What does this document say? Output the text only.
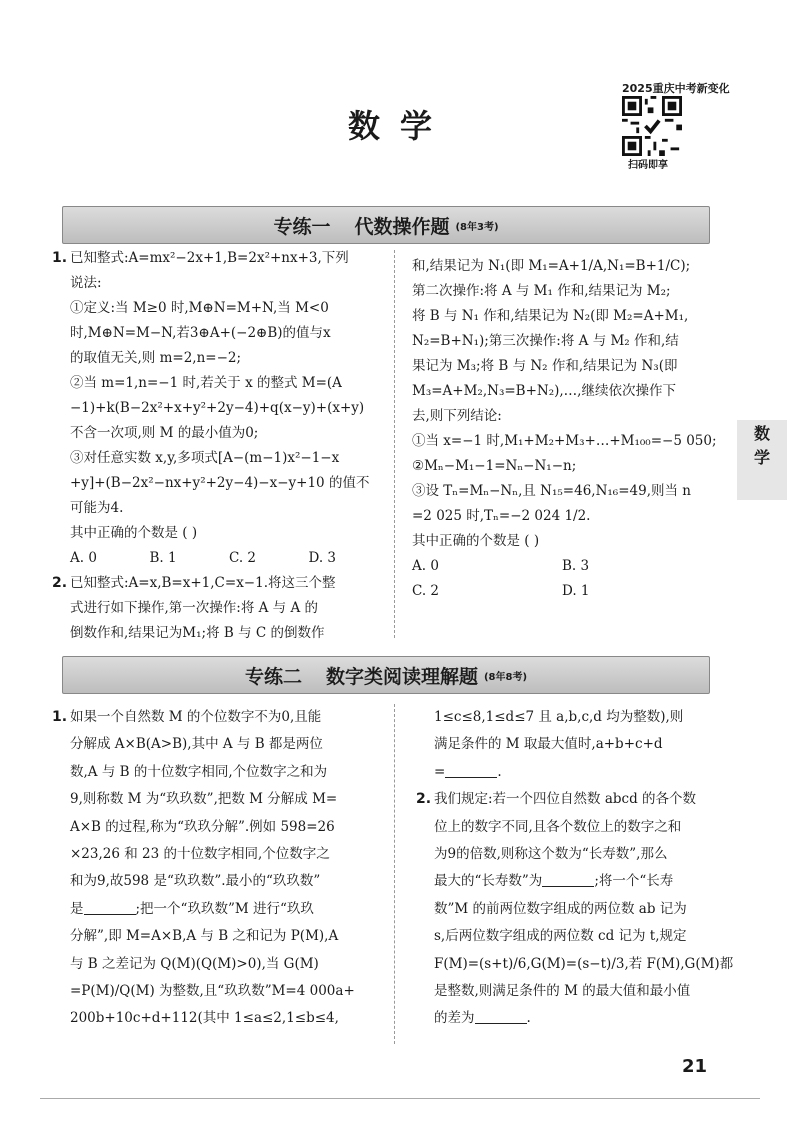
2025重庆中考新变化
扫码即享
数学
数
学
专练一 代数操作题 (8年3考)

1. 已知整式:A=mx²−2x+1,B=2x²+nx+3,下列

说法:

①定义:当 M≥0 时,M⊕N=M+N,当 M<0

时,M⊕N=M−N,若3⊕A+(−2⊕B)的值与x

的取值无关,则 m=2,n=−2;

②当 m=1,n=−1 时,若关于 x 的整式 M=(A

−1)+k(B−2x²+x+y²+2y−4)+q(x−y)+(x+y)

不含一次项,则 M 的最小值为0;

③对任意实数 x,y,多项式[A−(m−1)x²−1−x

+y]+(B−2x²−nx+y²+2y−4)−x−y+10 的值不

可能为4.

其中正确的个数是 ( )

A. 0	B. 1	C. 2	D. 3

2. 已知整式:A=x,B=x+1,C=x−1.将这三个整

式进行如下操作,第一次操作:将 A 与 A 的

倒数作和,结果记为M₁;将 B 与 C 的倒数作

和,结果记为 N₁(即 M₁=A+1/A,N₁=B+1/C);

第二次操作:将 A 与 M₁ 作和,结果记为 M₂;

将 B 与 N₁ 作和,结果记为 N₂(即 M₂=A+M₁,

N₂=B+N₁);第三次操作:将 A 与 M₂ 作和,结

果记为 M₃;将 B 与 N₂ 作和,结果记为 N₃(即

M₃=A+M₂,N₃=B+N₂),…,继续依次操作下

去,则下列结论:

①当 x=−1 时,M₁+M₂+M₃+…+M₁₀₀=−5 050;

②Mₙ−M₁−1=Nₙ−N₁−n;

③设 Tₙ=Mₙ−Nₙ,且 N₁₅=46,N₁₆=49,则当 n

=2 025 时,Tₙ=−2 024 1/2.

其中正确的个数是 ( )

A. 0	B. 3
C. 2	D. 1
专练二 数字类阅读理解题 (8年8考)

1. 如果一个自然数 M 的个位数字不为0,且能

分解成 A×B(A>B),其中 A 与 B 都是两位

数,A 与 B 的十位数字相同,个位数字之和为

9,则称数 M 为“玖玖数”,把数 M 分解成 M=

A×B 的过程,称为“玖玖分解”.例如 598=26

×23,26 和 23 的十位数字相同,个位数字之

和为9,故598 是“玖玖数”.最小的“玖玖数”

是	;把一个“玖玖数”M 进行“玖玖

分解”,即 M=A×B,A 与 B 之和记为 P(M),A

与 B 之差记为 Q(M)(Q(M)>0),当 G(M)

=P(M)/Q(M) 为整数,且“玖玖数”M=4 000a+

200b+10c+d+112(其中 1≤a≤2,1≤b≤4,

1≤c≤8,1≤d≤7 且 a,b,c,d 均为整数),则

满足条件的 M 取最大值时,a+b+c+d

=	.

2. 我们规定:若一个四位自然数 abcd 的各个数

位上的数字不同,且各个数位上的数字之和

为9的倍数,则称这个数为“长寿数”,那么

最大的“长寿数”为	;将一个“长寿

数”M 的前两位数字组成的两位数 ab 记为

s,后两位数字组成的两位数 cd 记为 t,规定

F(M)=(s+t)/6,G(M)=(s−t)/3,若 F(M),G(M)都

是整数,则满足条件的 M 的最大值和最小值

的差为	.

21
